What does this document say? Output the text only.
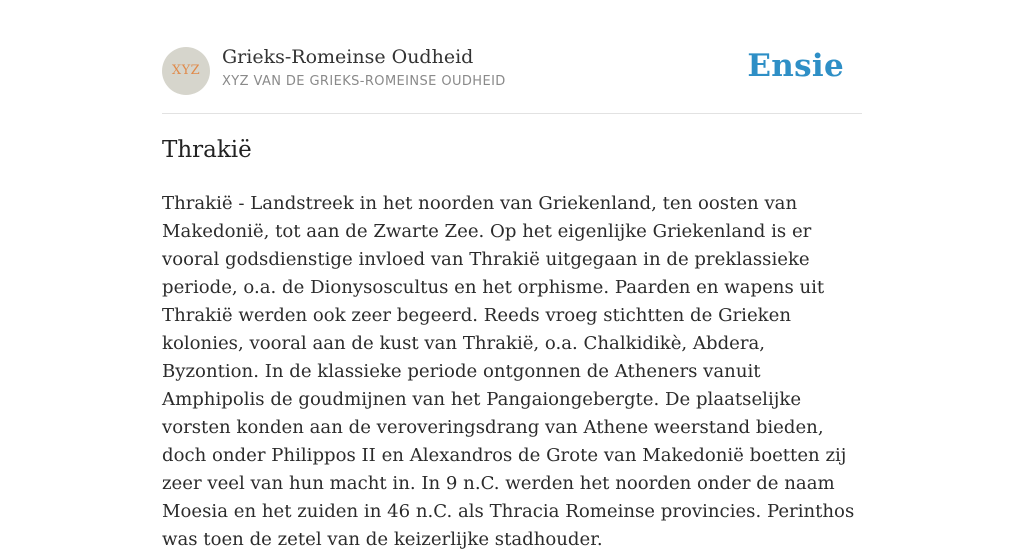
XYZ
Grieks-Romeinse Oudheid
XYZ VAN DE GRIEKS-ROMEINSE OUDHEID	Ensie
Thrakië

Thrakië - Landstreek in het noorden van Griekenland, ten oosten van Makedonië, tot aan de Zwarte Zee. Op het eigenlijke Griekenland is er vooral godsdienstige invloed van Thrakië uitgegaan in de preklassieke periode, o.a. de Dionysoscultus en het orphisme. Paarden en wapens uit Thrakië werden ook zeer begeerd. Reeds vroeg stichtten de Grieken kolonies, vooral aan de kust van Thrakië, o.a. Chalkidikè, Abdera, Byzontion. In de klassieke periode ontgonnen de Atheners vanuit Amphipolis de goudmijnen van het Pangaiongebergte. De plaatselijke vorsten konden aan de veroveringsdrang van Athene weerstand bieden, doch onder Philippos II en Alexandros de Grote van Makedonië boetten zij zeer veel van hun macht in. In 9 n.C. werden het noorden onder de naam Moesia en het zuiden in 46 n.C. als Thracia Romeinse provincies. Perinthos was toen de zetel van de keizerlijke stadhouder.
